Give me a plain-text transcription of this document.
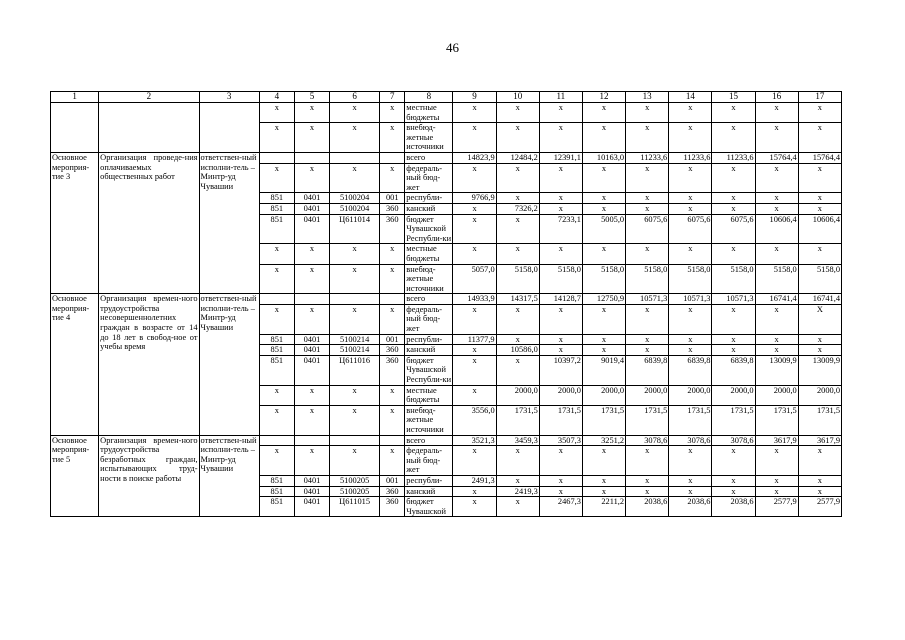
46
1	2	3	4	5	6	7	8	9	10	11	12	13	14	15	16	17
			x	x	x	x	местные бюджеты	x	x	x	x	x	x	x	x	x
			x	x	x	x	внебюд-жетные источники	x	x	x	x	x	x	x	x	x
Основное мероприя-тие 3	Организация проведе-ния оплачиваемых общественных работ	ответствен-ный исполни-тель – Минтр-уд Чувашии					всего	14823,9	12484,2	12391,1	10163,0	11233,6	11233,6	11233,6	15764,4	15764,4
			x	x	x	x	федераль-ный бюд-жет	x	x	x	x	x	x	x	x	x
			851	0401	5100204	001	республи-	9766,9	x	x	x	x	x	x	x	x
			851	0401	5100204	360	канский	x	7326,2	x	x	x	x	x	x	x
			851	0401	Ц611014	360	бюджет Чувашской Республи-ки	x	x	7233,1	5005,0	6075,6	6075,6	6075,6	10606,4	10606,4
			x	x	x	x	местные бюджеты	x	x	x	x	x	x	x	x	x
			x	x	x	x	внебюд-жетные источники	5057,0	5158,0	5158,0	5158,0	5158,0	5158,0	5158,0	5158,0	5158,0
Основное мероприя-тие 4	Организация времен-ного трудоустройства несовершеннолетних граждан в возрасте от 14 до 18 лет в свобод-ное от учебы время	ответствен-ный исполни-тель – Минтр-уд Чувашии					всего	14933,9	14317,5	14128,7	12750,9	10571,3	10571,3	10571,3	16741,4	16741,4
			x	x	x	x	федераль-ный бюд-жет	x	x	x	x	x	x	x	x	X
			851	0401	5100214	001	республи-	11377,9	x	x	x	x	x	x	x	x
			851	0401	5100214	360	канский	x	10586,0	x	x	x	x	x	x	x
			851	0401	Ц611016	360	бюджет Чувашской Республи-ки	x	x	10397,2	9019,4	6839,8	6839,8	6839,8	13009,9	13009,9
			x	x	x	x	местные бюджеты	x	2000,0	2000,0	2000,0	2000,0	2000,0	2000,0	2000,0	2000,0
			x	x	x	x	внебюд-жетные источники	3556,0	1731,5	1731,5	1731,5	1731,5	1731,5	1731,5	1731,5	1731,5
Основное мероприя-тие 5	Организация времен-ного трудоустройства безработных граждан, испытывающих труд-ности в поиске работы	ответствен-ный исполни-тель – Минтр-уд Чувашии					всего	3521,3	3459,3	3507,3	3251,2	3078,6	3078,6	3078,6	3617,9	3617,9
			x	x	x	x	федераль-ный бюд-жет	x	x	x	x	x	x	x	x	x
			851	0401	5100205	001	республи-	2491,3	x	x	x	x	x	x	x	x
			851	0401	5100205	360	канский	x	2419,3	x	x	x	x	x	x	x
			851	0401	Ц611015	360	бюджет Чувашской	x	x	2467,3	2211,2	2038,6	2038,6	2038,6	2577,9	2577,9
